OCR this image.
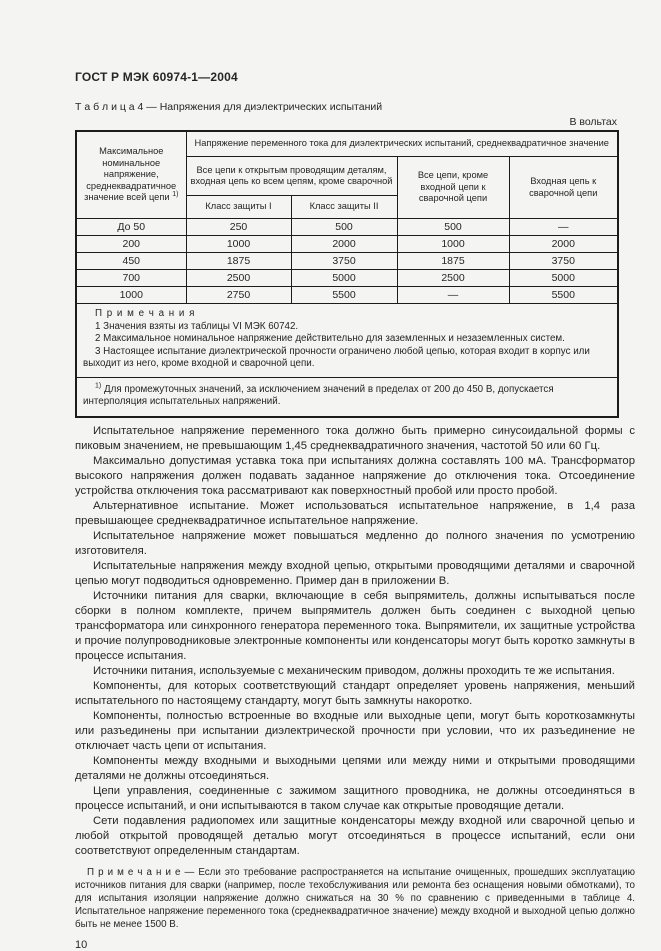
ГОСТ Р МЭК 60974-1—2004
Т а б л и ц а 4 — Напряжения для диэлектрических испытаний
В вольтах
Максимальное номинальное напряжение, среднеквадратичное значение всей цепи $^{1)}$	Напряжение переменного тока для диэлектрических испытаний, среднеквадратичное значение			
	Все цепи к открытым проводящим деталям, входная цепь ко всем цепям, кроме сварочной		Все цепи, кроме входной цепи к сварочной цепи	Входная цепь к сварочной цепи
	Класс защиты I	Класс защиты II		
До 50	250	500	500	—
200	1000	2000	1000	2000
450	1875	3750	1875	3750
700	2500	5000	2500	5000
1000	2750	5500	—	5500

П р и м е ч а н и я
1 Значения взяты из таблицы VI МЭК 60742.
2 Максимальное номинальное напряжение действительно для заземленных и незаземленных систем.
3 Настоящее испытание диэлектрической прочности ограничено любой цепью, которая входит в корпус или выходит из него, кроме входной и сварочной цепи.				

$^{1)}$ Для промежуточных значений, за исключением значений в пределах от 200 до 450 В, допускается интерполяция испытательных напряжений.				

Испытательное напряжение переменного тока должно быть примерно синусоидальной формы с пиковым значением, не превышающим 1,45 среднеквадратичного значения, частотой 50 или 60 Гц.

Максимально допустимая уставка тока при испытаниях должна составлять 100 мА. Трансформатор высокого напряжения должен подавать заданное напряжение до отключения тока. Отсоединение устройства отключения тока рассматривают как поверхностный пробой или просто пробой.

Альтернативное испытание. Может использоваться испытательное напряжение, в 1,4 раза превышающее среднеквадратичное испытательное напряжение.

Испытательное напряжение может повышаться медленно до полного значения по усмотрению изготовителя.

Испытательные напряжения между входной цепью, открытыми проводящими деталями и сварочной цепью могут подводиться одновременно. Пример дан в приложении В.

Источники питания для сварки, включающие в себя выпрямитель, должны испытываться после сборки в полном комплекте, причем выпрямитель должен быть соединен с выходной цепью трансформатора или синхронного генератора переменного тока. Выпрямители, их защитные устройства и прочие полупроводниковые электронные компоненты или конденсаторы могут быть коротко замкнуты в процессе испытания.

Источники питания, используемые с механическим приводом, должны проходить те же испытания.

Компоненты, для которых соответствующий стандарт определяет уровень напряжения, меньший испытательного по настоящему стандарту, могут быть замкнуты накоротко.

Компоненты, полностью встроенные во входные или выходные цепи, могут быть короткозамкнуты или разъединены при испытании диэлектрической прочности при условии, что их разъединение не отключает часть цепи от испытания.

Компоненты между входными и выходными цепями или между ними и открытыми проводящими деталями не должны отсоединяться.

Цепи управления, соединенные с зажимом защитного проводника, не должны отсоединяться в процессе испытаний, и они испытываются в таком случае как открытые проводящие детали.

Сети подавления радиопомех или защитные конденсаторы между входной или сварочной цепью и любой открытой проводящей деталью могут отсоединяться в процессе испытаний, если они соответствуют определенным стандартам.

П р и м е ч а н и е — Если это требование распространяется на испытание очищенных, прошедших эксплуатацию источников питания для сварки (например, после техобслуживания или ремонта без оснащения новыми обмотками), то для испытания изоляции напряжение должно снижаться на 30 % по сравнению с приведенными в таблице 4. Испытательное напряжение переменного тока (среднеквадратичное значение) между входной и выходной цепью должно быть не менее 1500 В.

10
